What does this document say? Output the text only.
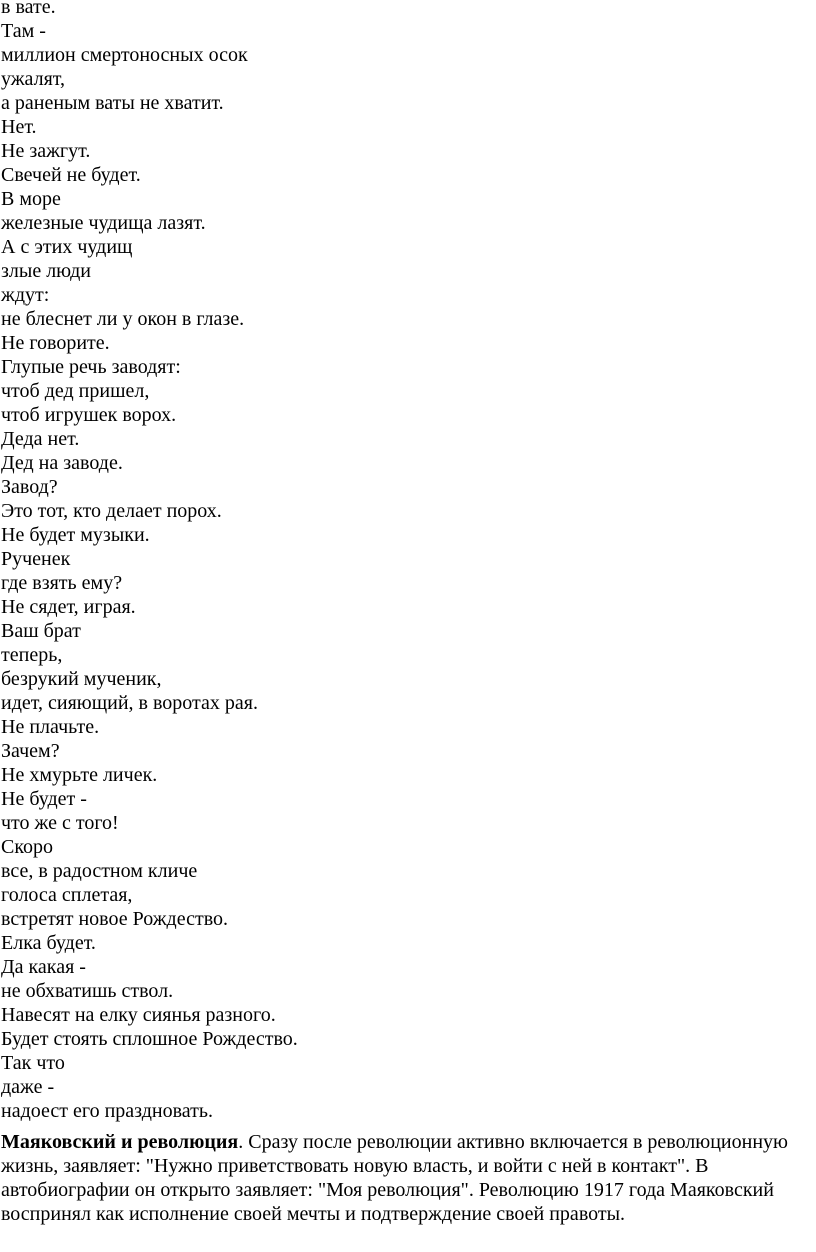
в вате.
Там -
миллион смертоносных осок
ужалят,
а раненым ваты не хватит.
Нет.
Не зажгут.
Свечей не будет.
В море
железные чудища лазят.
А с этих чудищ
злые люди
ждут:
не блеснет ли у окон в глазе.
Не говорите.
Глупые речь заводят:
чтоб дед пришел,
чтоб игрушек ворох.
Деда нет.
Дед на заводе.
Завод?
Это тот, кто делает порох.
Не будет музыки.
Рученек
где взять ему?
Не сядет, играя.
Ваш брат
теперь,
безрукий мученик,
идет, сияющий, в воротах рая.
Не плачьте.
Зачем?
Не хмурьте личек.
Не будет -
что же с того!
Скоро
все, в радостном кличе
голоса сплетая,
встретят новое Рождество.
Елка будет.
Да какая -
не обхватишь ствол.
Навесят на елку сиянья разного.
Будет стоять сплошное Рождество.
Так что
даже -
надоест его праздновать.

Маяковский и революция. Сразу после революции активно включается в революционную жизнь, заявляет: "Нужно приветствовать новую власть, и войти с ней в контакт". В автобиографии он открыто заявляет: "Моя революция". Революцию 1917 года Маяковский воспринял как исполнение своей мечты и подтверждение своей правоты.
